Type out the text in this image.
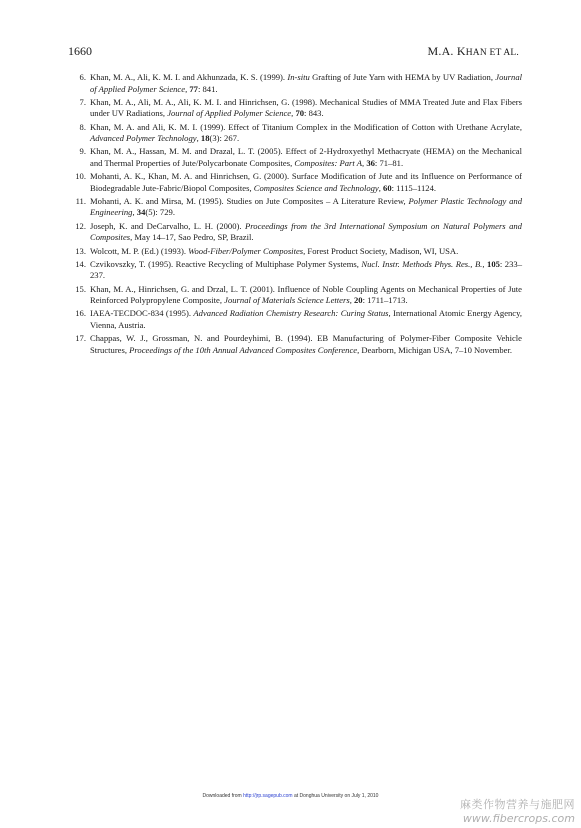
1660	M.A. KHAN ET AL.
6. Khan, M. A., Ali, K. M. I. and Akhunzada, K. S. (1999). In-situ Grafting of Jute Yarn with HEMA by UV Radiation, Journal of Applied Polymer Science, 77: 841.
7. Khan, M. A., Ali, M. A., Ali, K. M. I. and Hinrichsen, G. (1998). Mechanical Studies of MMA Treated Jute and Flax Fibers under UV Radiations, Journal of Applied Polymer Science, 70: 843.
8. Khan, M. A. and Ali, K. M. I. (1999). Effect of Titanium Complex in the Modification of Cotton with Urethane Acrylate, Advanced Polymer Technology, 18(3): 267.
9. Khan, M. A., Hassan, M. M. and Drazal, L. T. (2005). Effect of 2-Hydroxyethyl Methacryate (HEMA) on the Mechanical and Thermal Properties of Jute/Polycarbonate Composites, Composites: Part A, 36: 71–81.
10. Mohanti, A. K., Khan, M. A. and Hinrichsen, G. (2000). Surface Modification of Jute and its Influence on Performance of Biodegradable Jute-Fabric/Biopol Composites, Composites Science and Technology, 60: 1115–1124.
11. Mohanti, A. K. and Mirsa, M. (1995). Studies on Jute Composites – A Literature Review, Polymer Plastic Technology and Engineering, 34(5): 729.
12. Joseph, K. and DeCarvalho, L. H. (2000). Proceedings from the 3rd International Symposium on Natural Polymers and Composites, May 14–17, Sao Pedro, SP, Brazil.
13. Wolcott, M. P. (Ed.) (1993). Wood-Fiber/Polymer Composites, Forest Product Society, Madison, WI, USA.
14. Czvikovszky, T. (1995). Reactive Recycling of Multiphase Polymer Systems, Nucl. Instr. Methods Phys. Res., B., 105: 233–237.
15. Khan, M. A., Hinrichsen, G. and Drzal, L. T. (2001). Influence of Noble Coupling Agents on Mechanical Properties of Jute Reinforced Polypropylene Composite, Journal of Materials Science Letters, 20: 1711–1713.
16. IAEA-TECDOC-834 (1995). Advanced Radiation Chemistry Research: Curing Status, International Atomic Energy Agency, Vienna, Austria.
17. Chappas, W. J., Grossman, N. and Pourdeyhimi, B. (1994). EB Manufacturing of Polymer-Fiber Composite Vehicle Structures, Proceedings of the 10th Annual Advanced Composites Conference, Dearborn, Michigan USA, 7–10 November.
Downloaded from http://jrp.sagepub.com at Donghua University on July 1, 2010
麻类作物营养与施肥网
www.fibercrops.com
